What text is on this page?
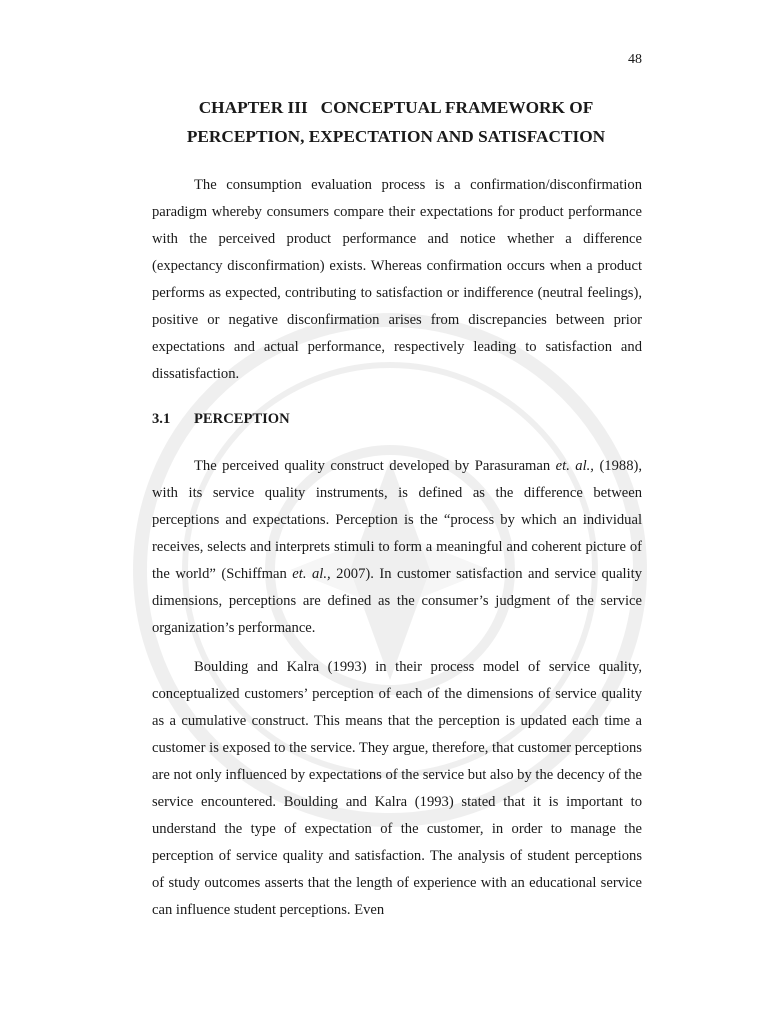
48
CHAPTER III   CONCEPTUAL FRAMEWORK OF
PERCEPTION, EXPECTATION AND SATISFACTION

The consumption evaluation process is a confirmation/disconfirmation paradigm whereby consumers compare their expectations for product performance with the perceived product performance and notice whether a difference (expectancy disconfirmation) exists. Whereas confirmation occurs when a product performs as expected, contributing to satisfaction or indifference (neutral feelings), positive or negative disconfirmation arises from discrepancies between prior expectations and actual performance, respectively leading to satisfaction and dissatisfaction.

3.1 PERCEPTION

The perceived quality construct developed by Parasuraman et. al., (1988), with its service quality instruments, is defined as the difference between perceptions and expectations. Perception is the “process by which an individual receives, selects and interprets stimuli to form a meaningful and coherent picture of the world” (Schiffman et. al., 2007). In customer satisfaction and service quality dimensions, perceptions are defined as the consumer’s judgment of the service organization’s performance.

Boulding and Kalra (1993) in their process model of service quality, conceptualized customers’ perception of each of the dimensions of service quality as a cumulative construct. This means that the perception is updated each time a customer is exposed to the service. They argue, therefore, that customer perceptions are not only influenced by expectations of the service but also by the decency of the service encountered. Boulding and Kalra (1993) stated that it is important to understand the type of expectation of the customer, in order to manage the perception of service quality and satisfaction. The analysis of student perceptions of study outcomes asserts that the length of experience with an educational service can influence student perceptions. Even
